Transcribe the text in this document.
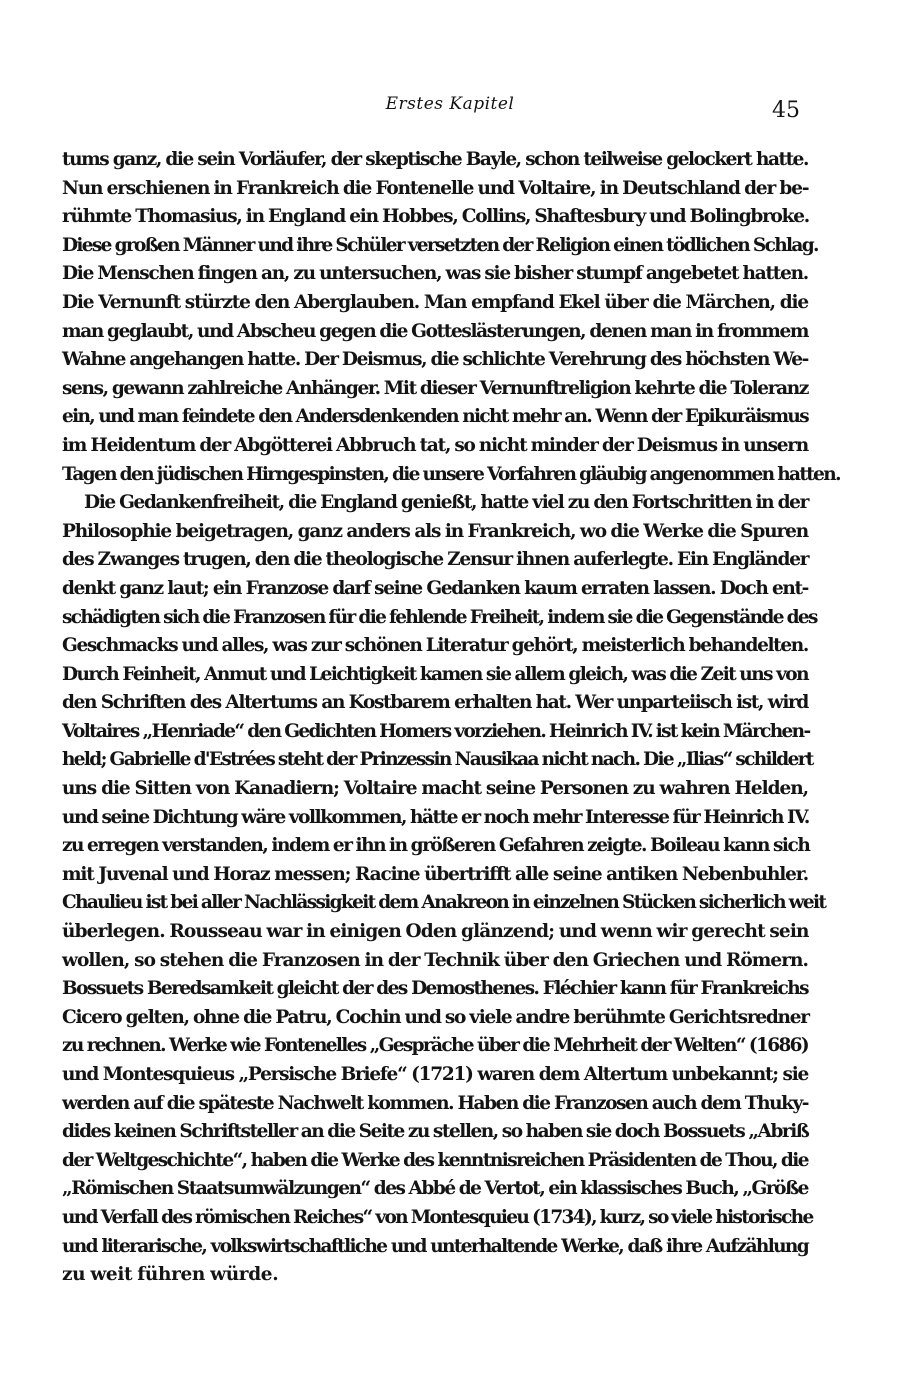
Erstes Kapitel	45
tums ganz, die sein Vorläufer, der skeptische Bayle, schon teilweise gelockert hatte.
Nun erschienen in Frankreich die Fontenelle und Voltaire, in Deutschland der be-
rühmte Thomasius, in England ein Hobbes, Collins, Shaftesbury und Bolingbroke.
Diese großen Männer und ihre Schüler versetzten der Religion einen tödlichen Schlag.
Die Menschen fingen an, zu untersuchen, was sie bisher stumpf angebetet hatten.
Die Vernunft stürzte den Aberglauben. Man empfand Ekel über die Märchen, die
man geglaubt, und Abscheu gegen die Gotteslästerungen, denen man in frommem
Wahne angehangen hatte. Der Deismus, die schlichte Verehrung des höchsten We-
sens, gewann zahlreiche Anhänger. Mit dieser Vernunftreligion kehrte die Toleranz
ein, und man feindete den Andersdenkenden nicht mehr an. Wenn der Epikuräismus
im Heidentum der Abgötterei Abbruch tat, so nicht minder der Deismus in unsern
Tagen den jüdischen Hirngespinsten, die unsere Vorfahren gläubig angenommen hatten.
Die Gedankenfreiheit, die England genießt, hatte viel zu den Fortschritten in der
Philosophie beigetragen, ganz anders als in Frankreich, wo die Werke die Spuren
des Zwanges trugen, den die theologische Zensur ihnen auferlegte. Ein Engländer
denkt ganz laut; ein Franzose darf seine Gedanken kaum erraten lassen. Doch ent-
schädigten sich die Franzosen für die fehlende Freiheit, indem sie die Gegenstände des
Geschmacks und alles, was zur schönen Literatur gehört, meisterlich behandelten.
Durch Feinheit, Anmut und Leichtigkeit kamen sie allem gleich, was die Zeit uns von
den Schriften des Altertums an Kostbarem erhalten hat. Wer unparteiisch ist, wird
Voltaires „Henriade“ den Gedichten Homers vorziehen. Heinrich IV. ist kein Märchen-
held; Gabrielle d'Estrées steht der Prinzessin Nausikaa nicht nach. Die „Ilias“ schildert
uns die Sitten von Kanadiern; Voltaire macht seine Personen zu wahren Helden,
und seine Dichtung wäre vollkommen, hätte er noch mehr Interesse für Heinrich IV.
zu erregen verstanden, indem er ihn in größeren Gefahren zeigte. Boileau kann sich
mit Juvenal und Horaz messen; Racine übertrifft alle seine antiken Nebenbuhler.
Chaulieu ist bei aller Nachlässigkeit dem Anakreon in einzelnen Stücken sicherlich weit
überlegen. Rousseau war in einigen Oden glänzend; und wenn wir gerecht sein
wollen, so stehen die Franzosen in der Technik über den Griechen und Römern.
Bossuets Beredsamkeit gleicht der des Demosthenes. Fléchier kann für Frankreichs
Cicero gelten, ohne die Patru, Cochin und so viele andre berühmte Gerichtsredner
zu rechnen. Werke wie Fontenelles „Gespräche über die Mehrheit der Welten“ (1686)
und Montesquieus „Persische Briefe“ (1721) waren dem Altertum unbekannt; sie
werden auf die späteste Nachwelt kommen. Haben die Franzosen auch dem Thuky-
dides keinen Schriftsteller an die Seite zu stellen, so haben sie doch Bossuets „Abriß
der Weltgeschichte“, haben die Werke des kenntnisreichen Präsidenten de Thou, die
„Römischen Staatsumwälzungen“ des Abbé de Vertot, ein klassisches Buch, „Größe
und Verfall des römischen Reiches“ von Montesquieu (1734), kurz, so viele historische
und literarische, volkswirtschaftliche und unterhaltende Werke, daß ihre Aufzählung
zu weit führen würde.
